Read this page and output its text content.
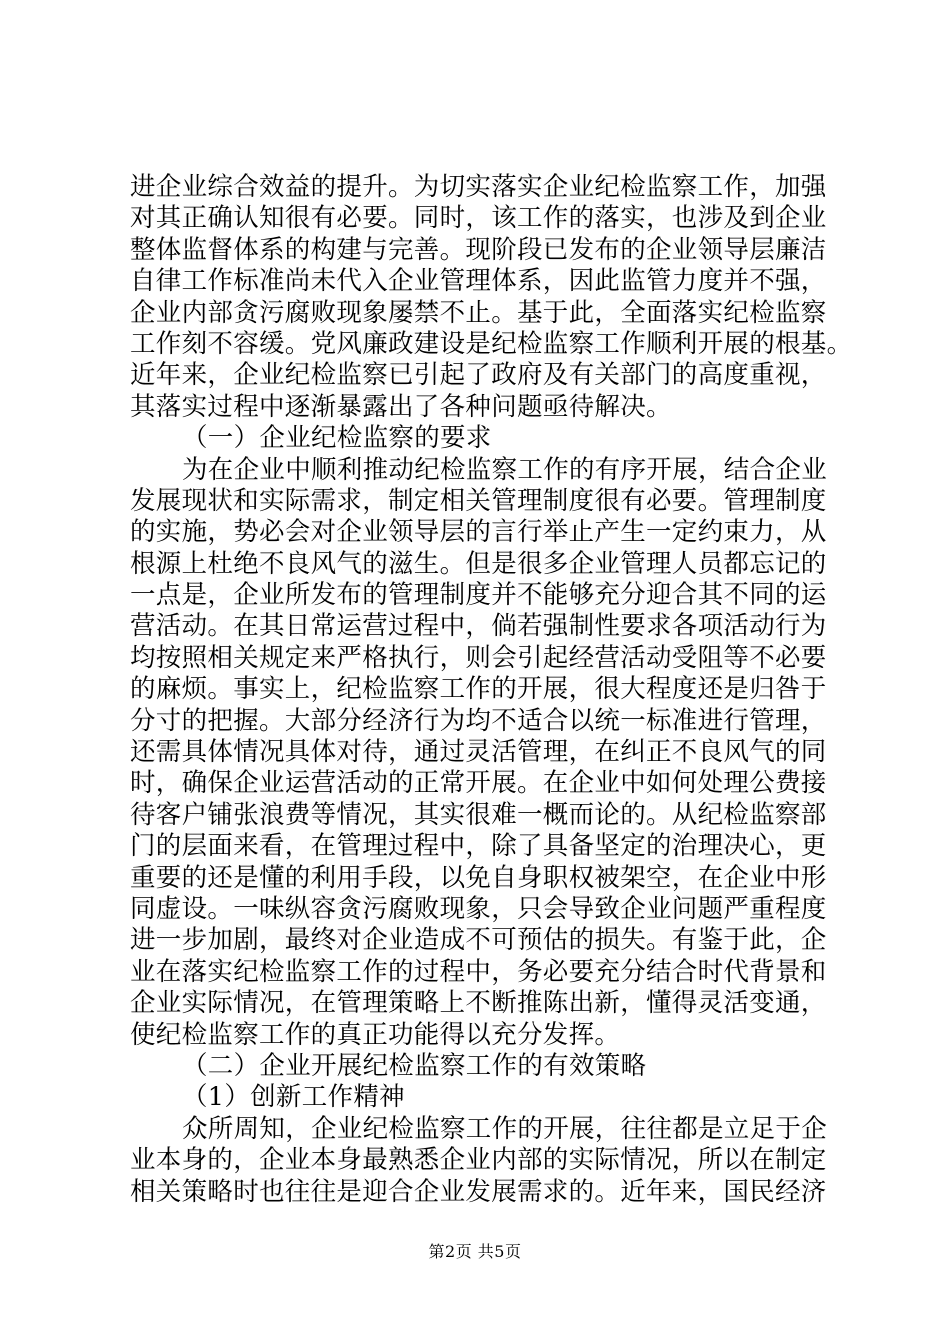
进企业综合效益的提升。为切实落实企业纪检监察工作，加强
对其正确认知很有必要。同时，该工作的落实，也涉及到企业
整体监督体系的构建与完善。现阶段已发布的企业领导层廉洁
自律工作标准尚未代入企业管理体系，因此监管力度并不强，
企业内部贪污腐败现象屡禁不止。基于此，全面落实纪检监察
工作刻不容缓。党风廉政建设是纪检监察工作顺利开展的根基。
近年来，企业纪检监察已引起了政府及有关部门的高度重视，
其落实过程中逐渐暴露出了各种问题亟待解决。
（一）企业纪检监察的要求
为在企业中顺利推动纪检监察工作的有序开展，结合企业
发展现状和实际需求，制定相关管理制度很有必要。管理制度
的实施，势必会对企业领导层的言行举止产生一定约束力，从
根源上杜绝不良风气的滋生。但是很多企业管理人员都忘记的
一点是，企业所发布的管理制度并不能够充分迎合其不同的运
营活动。在其日常运营过程中，倘若强制性要求各项活动行为
均按照相关规定来严格执行，则会引起经营活动受阻等不必要
的麻烦。事实上，纪检监察工作的开展，很大程度还是归咎于
分寸的把握。大部分经济行为均不适合以统一标准进行管理，
还需具体情况具体对待，通过灵活管理，在纠正不良风气的同
时，确保企业运营活动的正常开展。在企业中如何处理公费接
待客户铺张浪费等情况，其实很难一概而论的。从纪检监察部
门的层面来看，在管理过程中，除了具备坚定的治理决心，更
重要的还是懂的利用手段，以免自身职权被架空，在企业中形
同虚设。一味纵容贪污腐败现象，只会导致企业问题严重程度
进一步加剧，最终对企业造成不可预估的损失。有鉴于此，企
业在落实纪检监察工作的过程中，务必要充分结合时代背景和
企业实际情况，在管理策略上不断推陈出新，懂得灵活变通，
使纪检监察工作的真正功能得以充分发挥。
（二）企业开展纪检监察工作的有效策略
（1）创新工作精神
众所周知，企业纪检监察工作的开展，往往都是立足于企
业本身的，企业本身最熟悉企业内部的实际情况，所以在制定
相关策略时也往往是迎合企业发展需求的。近年来，国民经济
第2页 共5页
